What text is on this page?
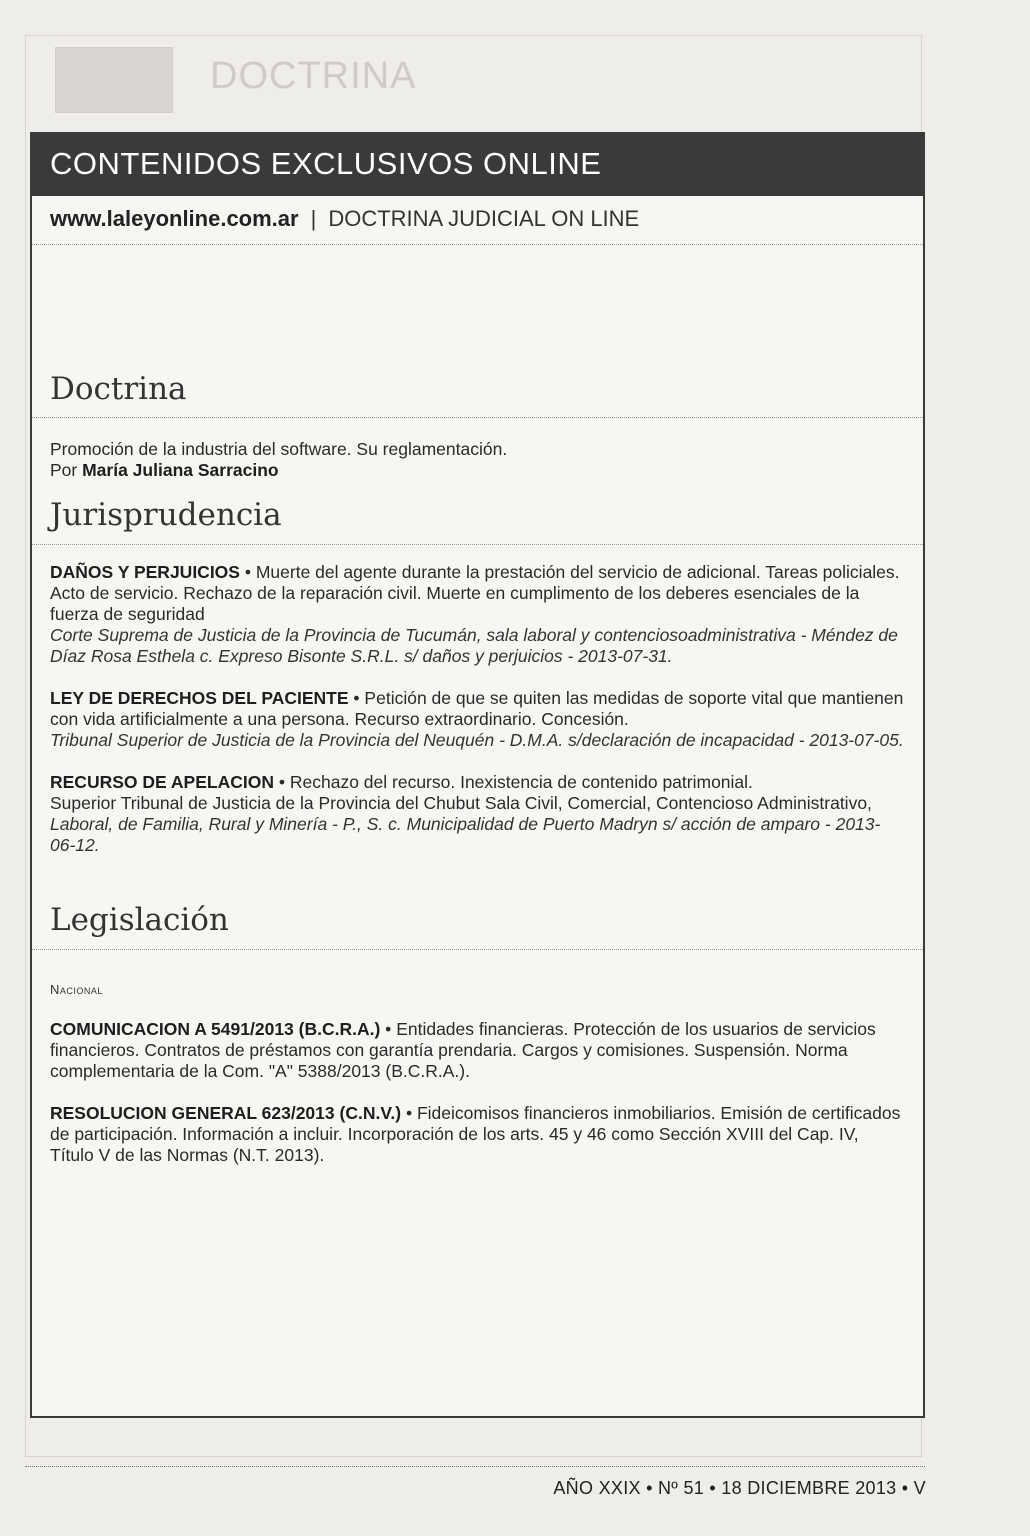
DOCTRINA
CONTENIDOS EXCLUSIVOS ONLINE
www.laleyonline.com.ar | DOCTRINA JUDICIAL ON LINE
Doctrina
Promoción de la industria del software. Su reglamentación.
Por María Juliana Sarracino
Jurisprudencia
DAÑOS Y PERJUICIOS • Muerte del agente durante la prestación del servicio de adicional. Tareas policiales. Acto de servicio. Rechazo de la reparación civil. Muerte en cumplimento de los deberes esenciales de la fuerza de seguridad
Corte Suprema de Justicia de la Provincia de Tucumán, sala laboral y contenciosoadministrativa - Méndez de Díaz Rosa Esthela c. Expreso Bisonte S.R.L. s/ daños y perjuicios - 2013-07-31.
LEY DE DERECHOS DEL PACIENTE • Petición de que se quiten las medidas de soporte vital que mantienen con vida artificialmente a una persona. Recurso extraordinario. Concesión.
Tribunal Superior de Justicia de la Provincia del Neuquén - D.M.A. s/declaración de incapacidad - 2013-07-05.
RECURSO DE APELACION • Rechazo del recurso. Inexistencia de contenido patrimonial.
Superior Tribunal de Justicia de la Provincia del Chubut Sala Civil, Comercial, Contencioso Administrativo,
Laboral, de Familia, Rural y Minería - P., S. c. Municipalidad de Puerto Madryn s/ acción de amparo - 2013-06-12.
Legislación
Nacional
COMUNICACION A 5491/2013 (B.C.R.A.) • Entidades financieras. Protección de los usuarios de servicios financieros. Contratos de préstamos con garantía prendaria. Cargos y comisiones. Suspensión. Norma complementaria de la Com. "A" 5388/2013 (B.C.R.A.).
RESOLUCION GENERAL 623/2013 (C.N.V.) • Fideicomisos financieros inmobiliarios. Emisión de certificados de participación. Información a incluir. Incorporación de los arts. 45 y 46 como Sección XVIII del Cap. IV, Título V de las Normas (N.T. 2013).
AÑO XXIX • Nº 51 • 18 DICIEMBRE 2013 • V
